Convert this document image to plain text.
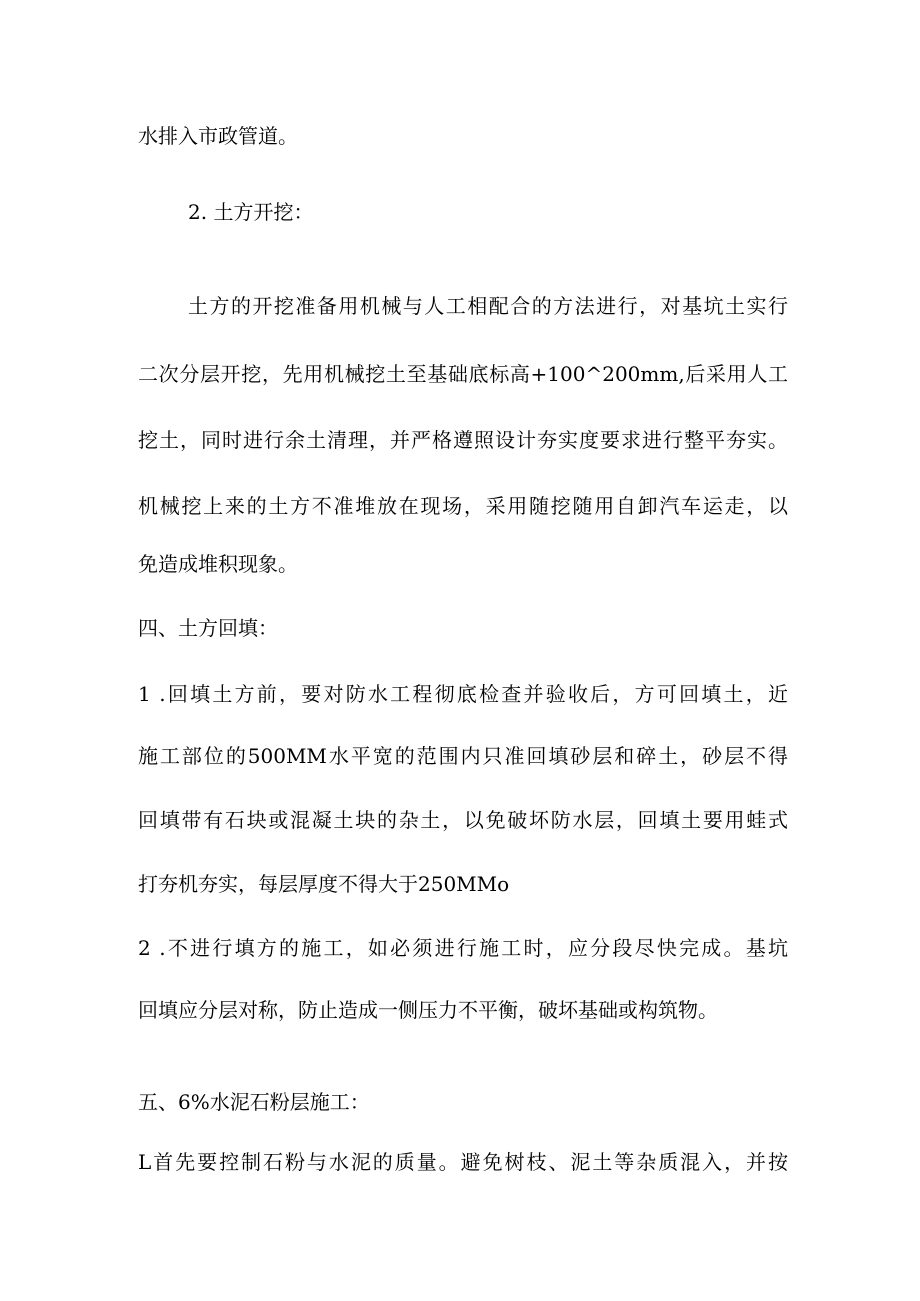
水排入市政管道。
2. 土方开挖：
土方的开挖准备用机械与人工相配合的方法进行，对基坑土实行
二次分层开挖，先用机械挖土至基础底标高+100^200mm,后采用人工
挖土，同时进行余土清理，并严格遵照设计夯实度要求进行整平夯实。
机械挖上来的土方不准堆放在现场，采用随挖随用自卸汽车运走，以
免造成堆积现象。
四、土方回填：
1 .回填土方前，要对防水工程彻底检查并验收后，方可回填土，近
施工部位的500MM水平宽的范围内只准回填砂层和碎土，砂层不得
回填带有石块或混凝土块的杂土，以免破坏防水层，回填土要用蛙式
打夯机夯实，每层厚度不得大于250MMo
2 .不进行填方的施工，如必须进行施工时，应分段尽快完成。基坑
回填应分层对称，防止造成一侧压力不平衡，破坏基础或构筑物。
五、6%水泥石粉层施工：
L首先要控制石粉与水泥的质量。避免树枝、泥土等杂质混入，并按
